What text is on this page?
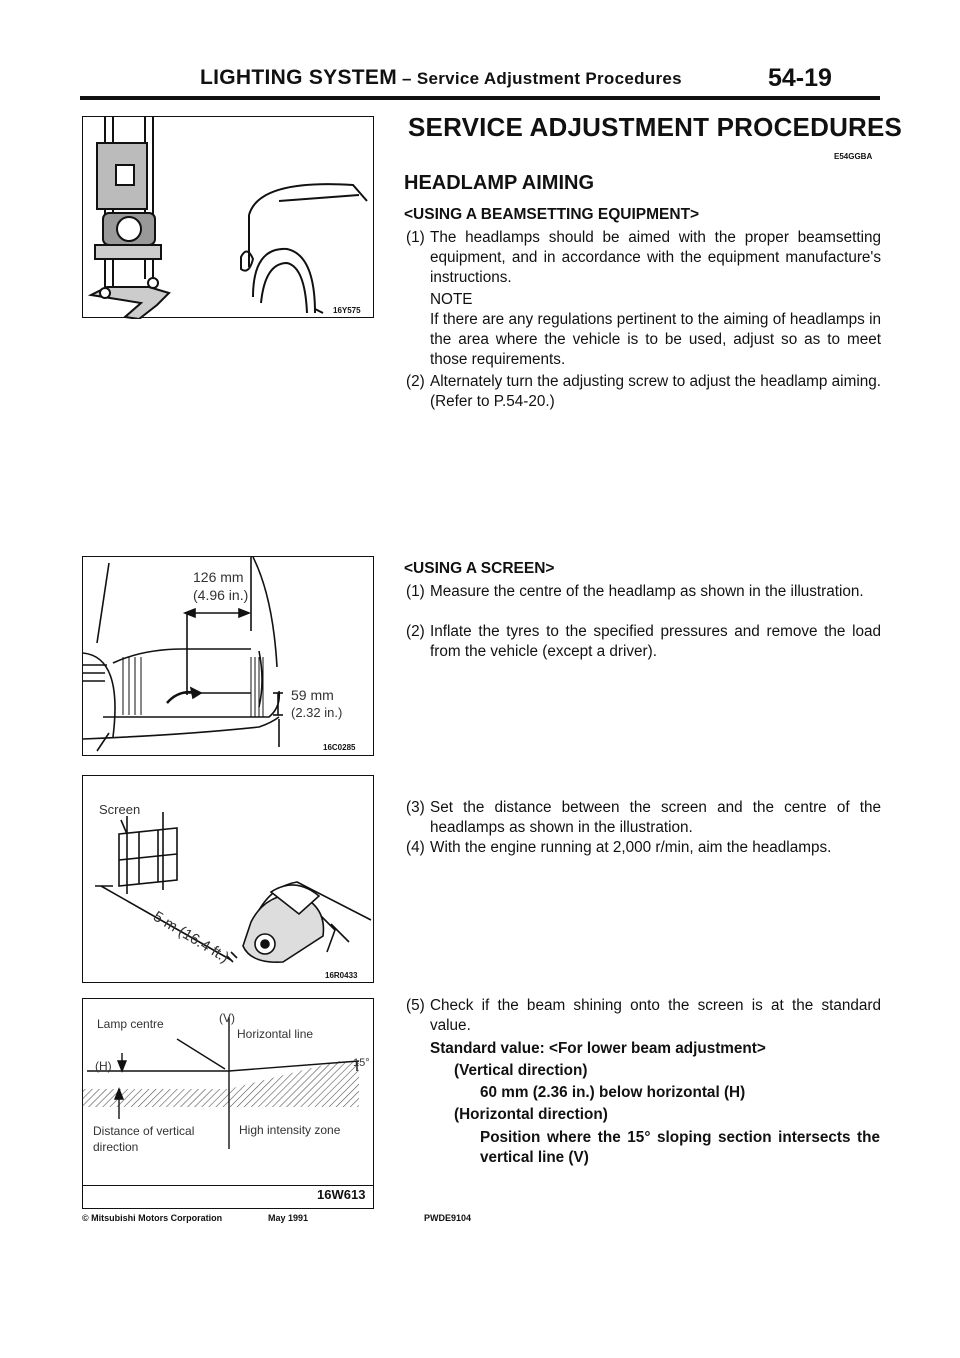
LIGHTING SYSTEM – Service Adjustment Procedures	54-19
16Y575
126 mm
(4.96 in.)
59 mm
(2.32 in.)
16C0285
Screen
5 m (16.4 ft.)
16R0433
Lamp centre	(V)
Horizontal line
(H)	15°
Distance of vertical direction
High intensity zone
16W613
SERVICE ADJUSTMENT PROCEDURES
E54GGBA
HEADLAMP AIMING
<USING A BEAMSETTING EQUIPMENT>
(1) The headlamps should be aimed with the proper beamsetting equipment, and in accordance with the equipment manufacture's instructions.
NOTE
If there are any regulations pertinent to the aiming of headlamps in the area where the vehicle is to be used, adjust so as to meet those requirements.
(2) Alternately turn the adjusting screw to adjust the headlamp aiming. (Refer to P.54-20.)
<USING A SCREEN>
(1) Measure the centre of the headlamp as shown in the illustration.
(2) Inflate the tyres to the specified pressures and remove the load from the vehicle (except a driver).
(3) Set the distance between the screen and the centre of the headlamps as shown in the illustration.
(4) With the engine running at 2,000 r/min, aim the headlamps.
(5) Check if the beam shining onto the screen is at the standard value.
Standard value: <For lower beam adjustment>
(Vertical direction)
60 mm (2.36 in.) below horizontal (H)
(Horizontal direction)
Position where the 15° sloping section intersects the vertical line (V)
© Mitsubishi Motors Corporation	May 1991	PWDE9104
